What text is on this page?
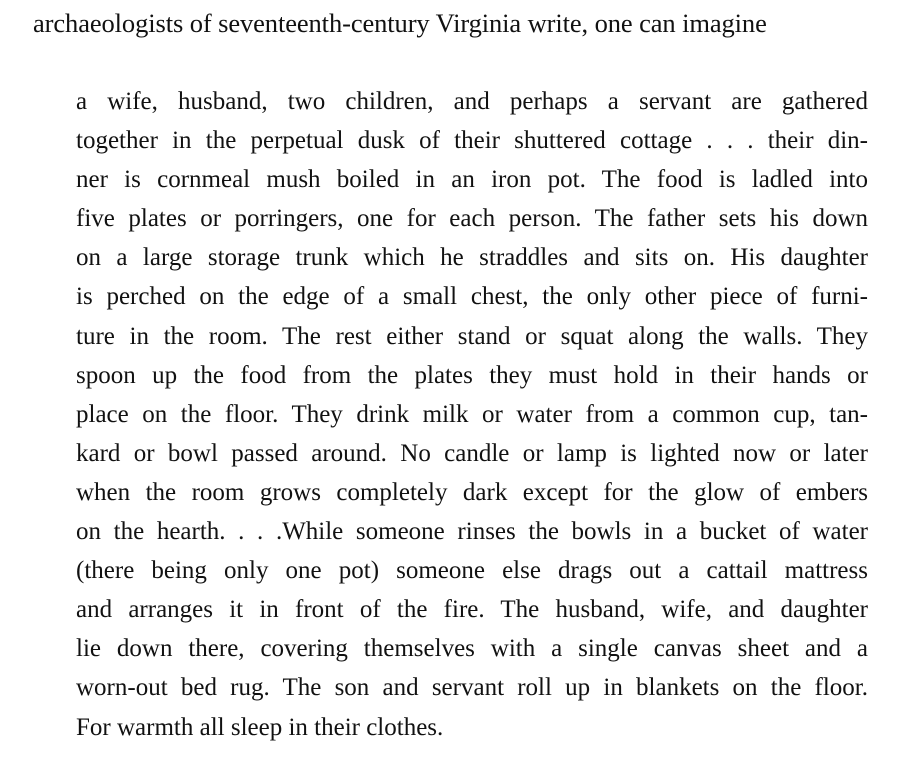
archaeologists of seventeenth-century Virginia write, one can imagine
a wife, husband, two children, and perhaps a servant are gathered
together in the perpetual dusk of their shuttered cottage . . . their din-
ner is cornmeal mush boiled in an iron pot. The food is ladled into
five plates or porringers, one for each person. The father sets his down
on a large storage trunk which he straddles and sits on. His daughter
is perched on the edge of a small chest, the only other piece of furni-
ture in the room. The rest either stand or squat along the walls. They
spoon up the food from the plates they must hold in their hands or
place on the floor. They drink milk or water from a common cup, tan-
kard or bowl passed around. No candle or lamp is lighted now or later
when the room grows completely dark except for the glow of embers
on the hearth. . . .While someone rinses the bowls in a bucket of water
(there being only one pot) someone else drags out a cattail mattress
and arranges it in front of the fire. The husband, wife, and daughter
lie down there, covering themselves with a single canvas sheet and a
worn-out bed rug. The son and servant roll up in blankets on the floor.
For warmth all sleep in their clothes.
